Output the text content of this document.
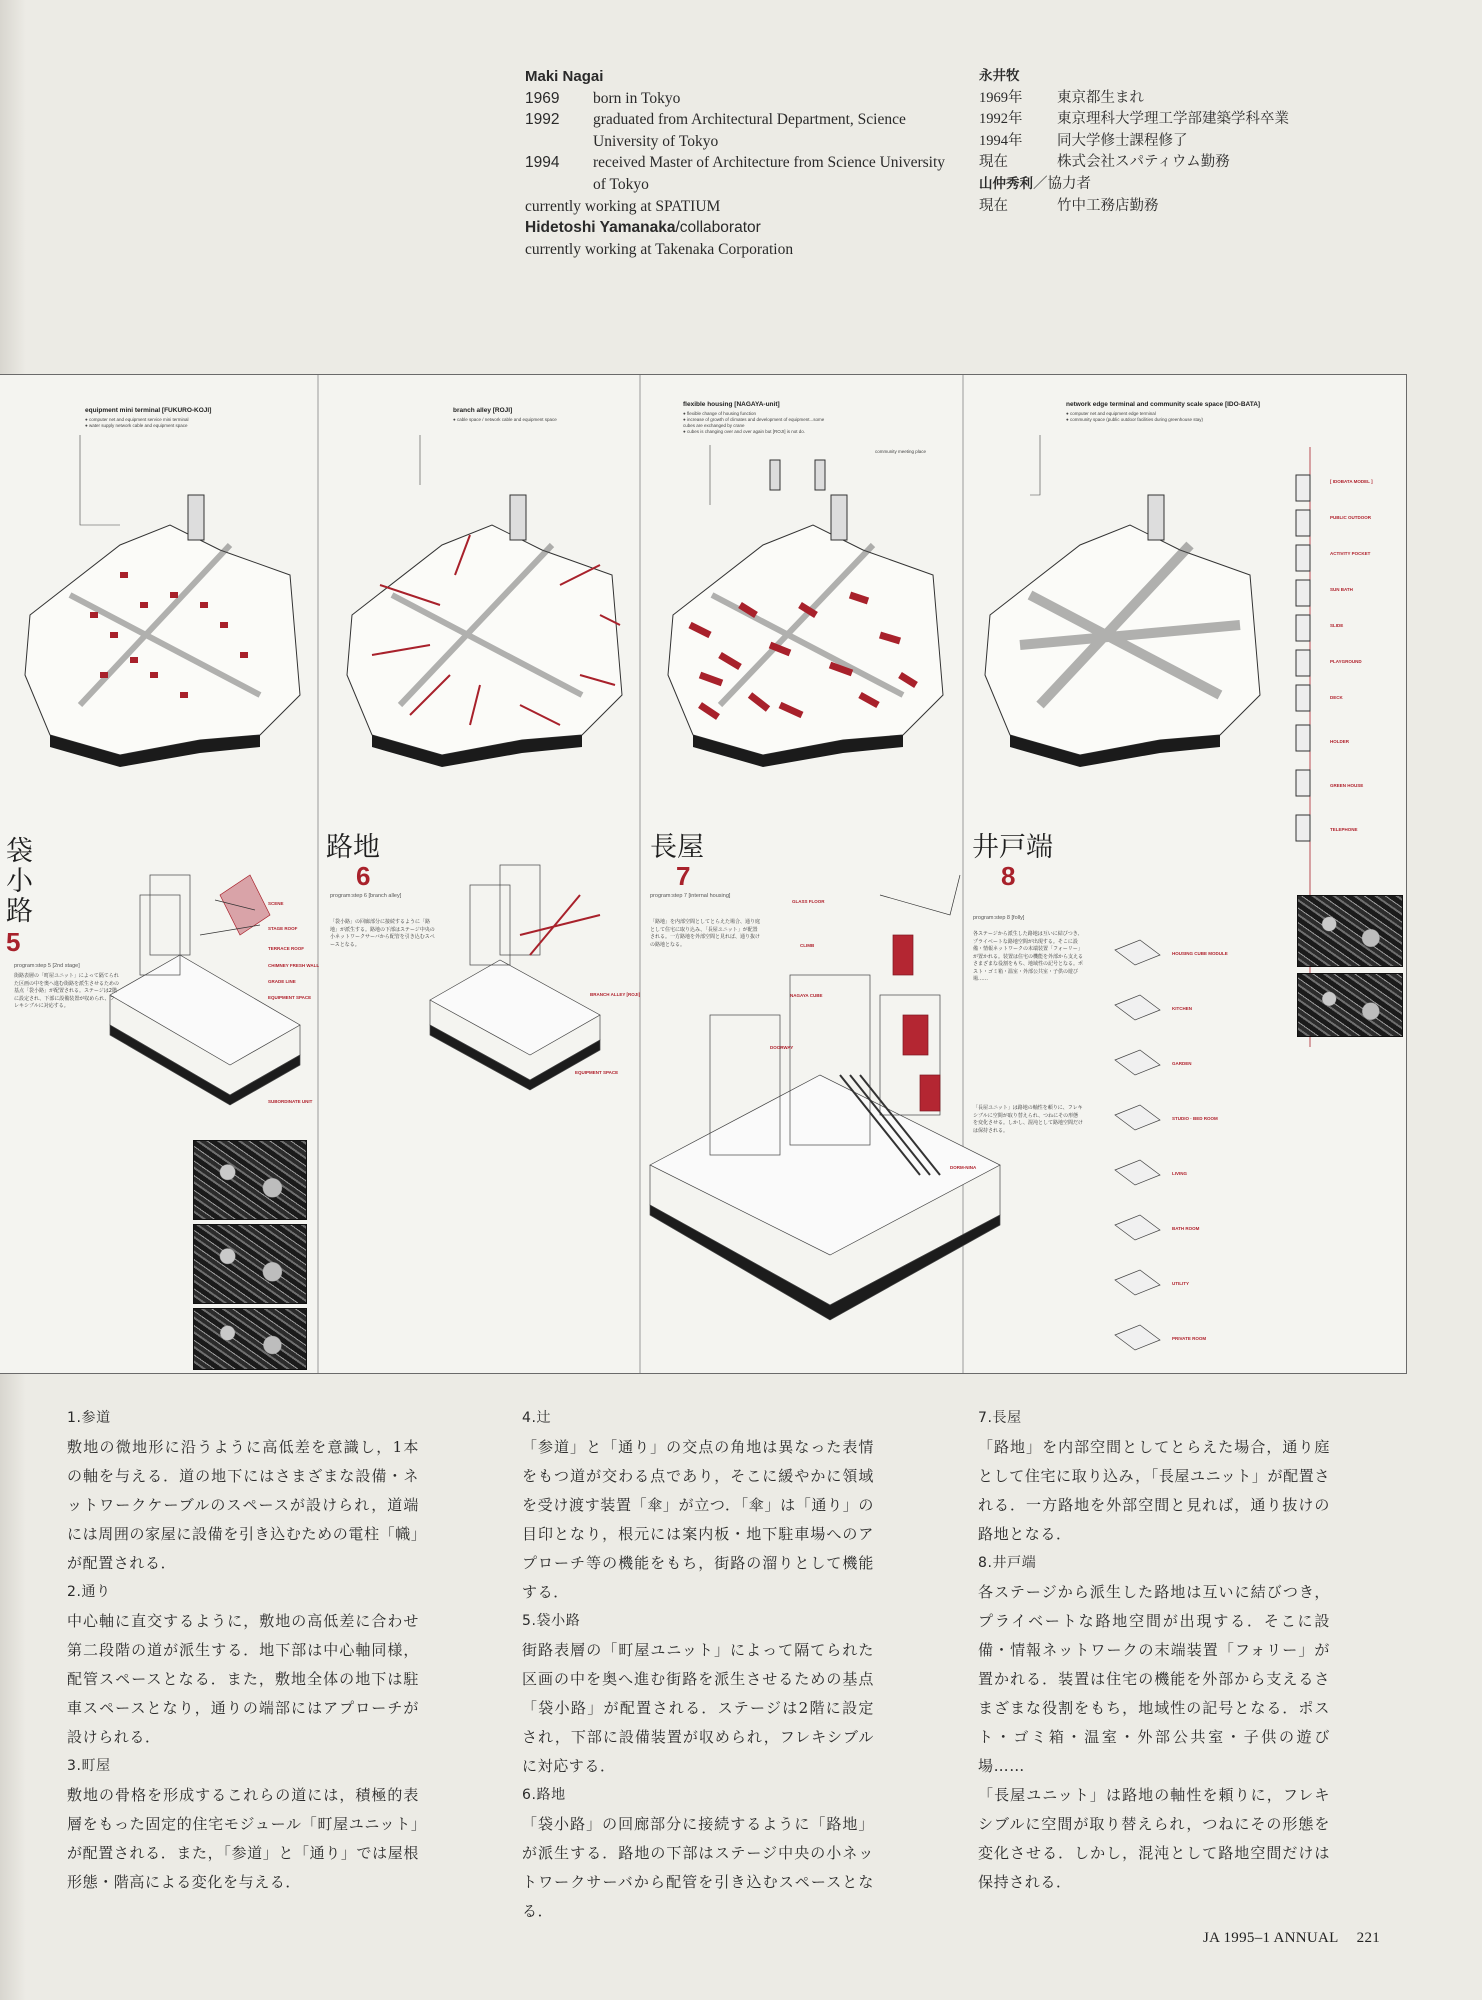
Maki Nagai
1969	born in Tokyo
1992	graduated from Architectural Department, Science University of Tokyo
1994	received Master of Architecture from Science University of Tokyo
currently working at SPATIUM
Hidetoshi Yamanaka/collaborator
currently working at Takenaka Corporation
永井牧
1969年	東京都生まれ
1992年	東京理科大学理工学部建築学科卒業
1994年	同大学修士課程修了
現在	株式会社スパティウム勤務
山仲秀利／協力者
現在	竹中工務店勤務
equipment mini terminal [FUKURO-KOJI]
● computer net and equipment service mini terminal
● water supply network cable and equipment space
袋小路5
program:step 5 [2nd stage]
街路表層の「町屋ユニット」によって隔てられた区画の中を奥へ進む街路を派生させるための基点「袋小路」が配置される。ステージは2階に設定され、下部に設備装置が収められ、フレキシブルに対応する。
SCENE
STAGE ROOF
TERRACE ROOF
CHIMNEY FRESH WALL
GRADE LINE
EQUIPMENT SPACE
SUBORDINATE UNIT
branch alley [ROJI]
● cable space / network cable and equipment space
路地
6
program:step 6 [branch alley]
「袋小路」の回廊部分に接続するように「路地」が派生する。路地の下部はステージ中央の小ネットワークサーバから配管を引き込むスペースとなる。
BRANCH ALLEY [ROJI]
EQUIPMENT SPACE
flexible housing [NAGAYA-unit]
● flexible change of housing function
● increase of growth of climates and development of equipment...some cubes are exchanged by crane
● cubes is changing over and over again but [ROJI] is not do.
community meeting place
長屋
7
program:step 7 [internal housing]
「路地」を内部空間としてとらえた場合、通り庭として住宅に取り込み、「長屋ユニット」が配置される。一方路地を外部空間と見れば、通り抜けの路地となる。
GLASS FLOOR
CLIMB
NAGAYA CUBE
DOORWAY
DORM-NINA
network edge terminal and community scale space [IDO-BATA]
● computer net and equipment edge terminal
● community space (public outdoor facilities during greenhouse stay)
井戸端
8
program:step 8 [folly]
各ステージから派生した路地は互いに結びつき、プライベートな路地空間が出現する。そこに設備・情報ネットワークの末端装置「フォーリー」が置かれる。装置は住宅の機能を外部から支えるさまざまな役割をもち、地域性の記号となる。ポスト・ゴミ箱・温室・外部公共室・子供の遊び場……
「長屋ユニット」は路地の軸性を頼りに、フレキシブルに空間が取り替えられ、つねにその形態を変化させる。しかし、混沌として路地空間だけは保持される。
[ IDOBATA MODEL ]
PUBLIC OUTDOOR
ACTIVITY POCKET
SUN BATH
SLIDE
PLAYGROUND
DECK
HOLDER
GREEN HOUSE
TELEPHONE
HOUSING CUBE MODULE
KITCHEN
GARDEN
STUDIO · BED ROOM
LIVING
BATH ROOM
UTILITY
PRIVATE ROOM

1.参道

敷地の微地形に沿うように高低差を意識し，1本の軸を与える．道の地下にはさまざまな設備・ネットワークケーブルのスペースが設けられ，道端には周囲の家屋に設備を引き込むための電柱「幟」が配置される．

2.通り

中心軸に直交するように，敷地の高低差に合わせ第二段階の道が派生する．地下部は中心軸同様，配管スペースとなる．また，敷地全体の地下は駐車スペースとなり，通りの端部にはアプローチが設けられる．

3.町屋

敷地の骨格を形成するこれらの道には，積極的表層をもった固定的住宅モジュール「町屋ユニット」が配置される．また，「参道」と「通り」では屋根形態・階高による変化を与える．

4.辻

「参道」と「通り」の交点の角地は異なった表情をもつ道が交わる点であり，そこに緩やかに領域を受け渡す装置「傘」が立つ．「傘」は「通り」の目印となり，根元には案内板・地下駐車場へのアプローチ等の機能をもち，街路の溜りとして機能する．

5.袋小路

街路表層の「町屋ユニット」によって隔てられた区画の中を奥へ進む街路を派生させるための基点「袋小路」が配置される．ステージは2階に設定され，下部に設備装置が収められ，フレキシブルに対応する．

6.路地

「袋小路」の回廊部分に接続するように「路地」が派生する．路地の下部はステージ中央の小ネットワークサーバから配管を引き込むスペースとなる．

7.長屋

「路地」を内部空間としてとらえた場合，通り庭として住宅に取り込み，「長屋ユニット」が配置される．一方路地を外部空間と見れば，通り抜けの路地となる．

8.井戸端

各ステージから派生した路地は互いに結びつき，プライベートな路地空間が出現する．そこに設備・情報ネットワークの末端装置「フォリー」が置かれる．装置は住宅の機能を外部から支えるさまざまな役割をもち，地域性の記号となる．ポスト・ゴミ箱・温室・外部公共室・子供の遊び場……

「長屋ユニット」は路地の軸性を頼りに，フレキシブルに空間が取り替えられ，つねにその形態を変化させる．しかし，混沌として路地空間だけは保持される．

JA 1995–1 ANNUAL 221
